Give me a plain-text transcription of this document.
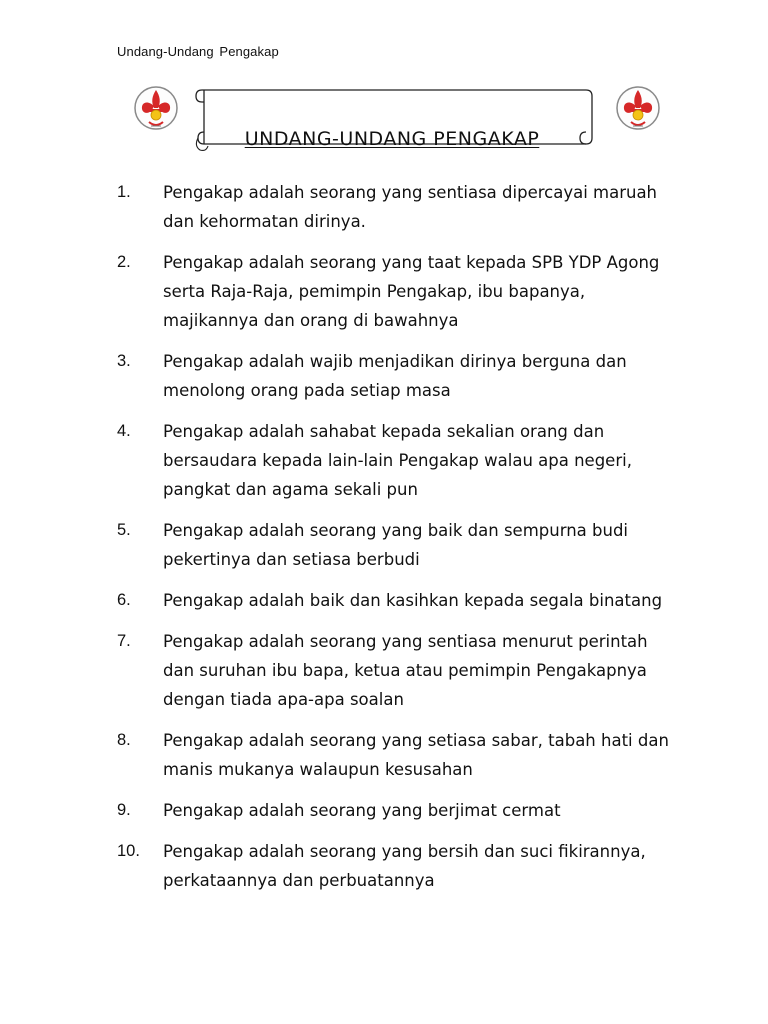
Undang-Undang Pengakap
UNDANG-UNDANG PENGAKAP
1. Pengakap adalah seorang yang sentiasa dipercayai maruah dan kehormatan dirinya.
2. Pengakap adalah seorang yang taat kepada SPB YDP Agong serta Raja-Raja, pemimpin Pengakap, ibu bapanya, majikannya dan orang di bawahnya
3. Pengakap adalah wajib menjadikan dirinya berguna dan menolong orang pada setiap masa
4. Pengakap adalah sahabat kepada sekalian orang dan bersaudara kepada lain-lain Pengakap walau apa negeri, pangkat dan agama sekali pun
5. Pengakap adalah seorang yang baik dan sempurna budi pekertinya dan setiasa berbudi
6. Pengakap adalah baik dan kasihkan kepada segala binatang
7. Pengakap adalah seorang yang sentiasa menurut perintah dan suruhan ibu bapa, ketua atau pemimpin Pengakapnya dengan tiada apa-apa soalan
8. Pengakap adalah seorang yang setiasa sabar, tabah hati dan manis mukanya walaupun kesusahan
9. Pengakap adalah seorang yang berjimat cermat
10. Pengakap adalah seorang yang bersih dan suci fikirannya, perkataannya dan perbuatannya
